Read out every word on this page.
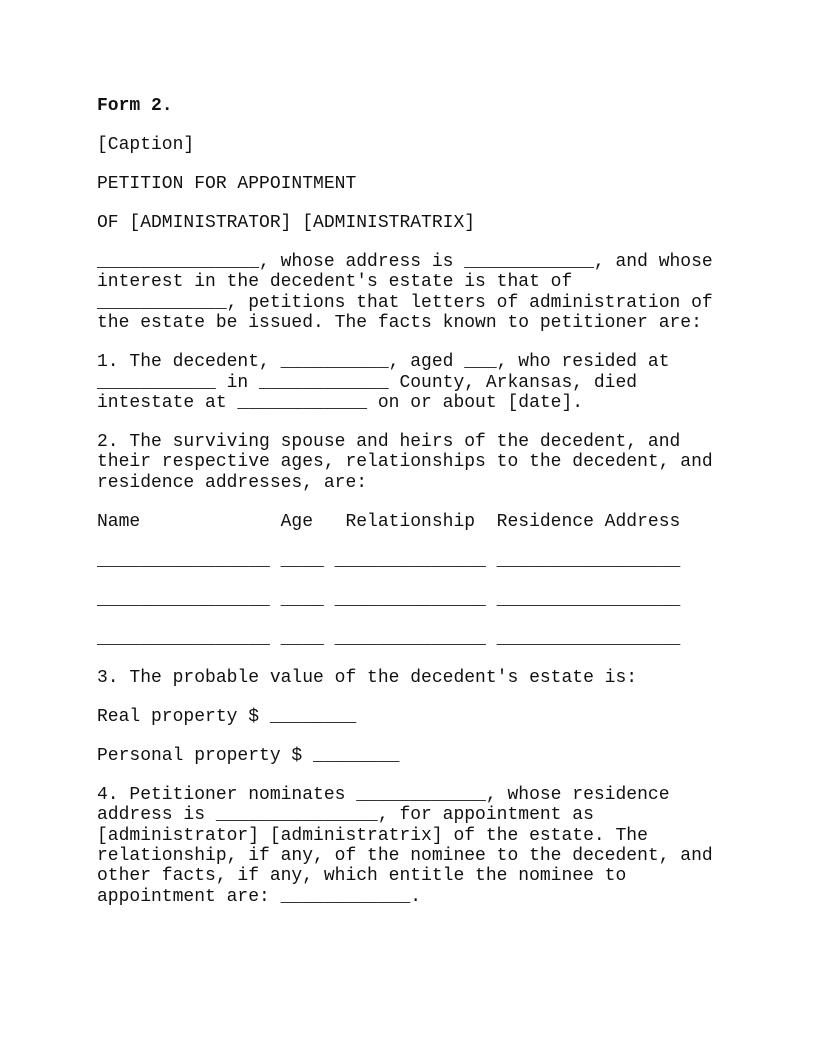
Form 2.
[Caption]
PETITION FOR APPOINTMENT
OF [ADMINISTRATOR] [ADMINISTRATRIX]
_______________, whose address is ____________, and whose
interest in the decedent's estate is that of
____________, petitions that letters of administration of
the estate be issued. The facts known to petitioner are:
1. The decedent, __________, aged ___, who resided at
___________ in ____________ County, Arkansas, died
intestate at ____________ on or about [date].
2. The surviving spouse and heirs of the decedent, and
their respective ages, relationships to the decedent, and
residence addresses, are:
Name             Age   Relationship  Residence Address
________________ ____ ______________ _________________
________________ ____ ______________ _________________
________________ ____ ______________ _________________
3. The probable value of the decedent's estate is:
Real property $ ________
Personal property $ ________
4. Petitioner nominates ____________, whose residence
address is _______________, for appointment as
[administrator] [administratrix] of the estate. The
relationship, if any, of the nominee to the decedent, and
other facts, if any, which entitle the nominee to
appointment are: ____________.
